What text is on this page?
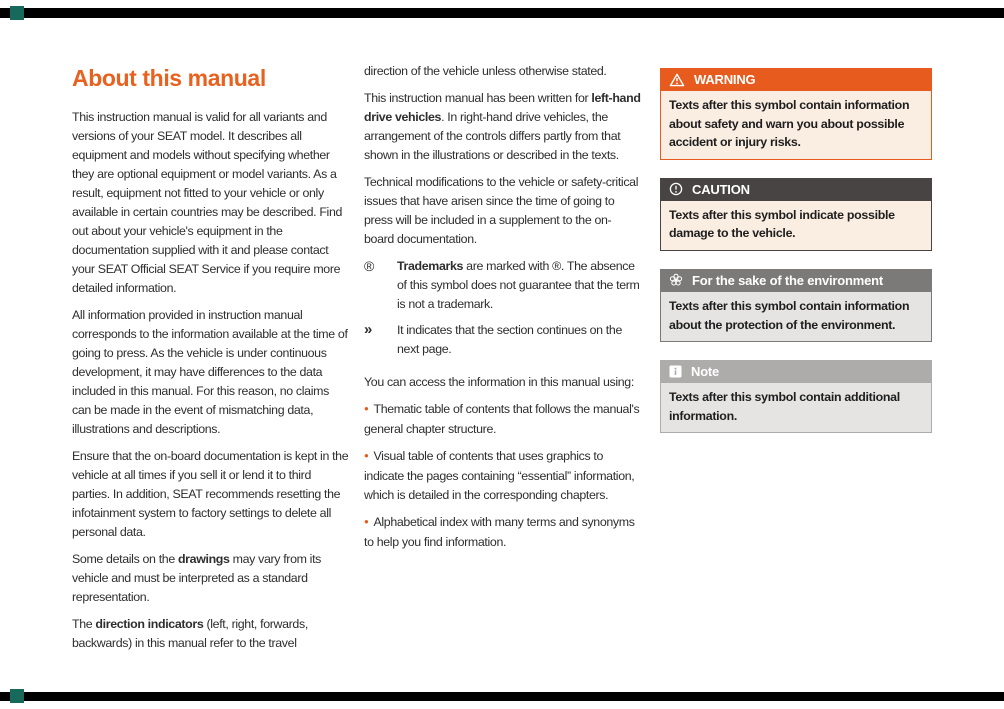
About this manual

This instruction manual is valid for all variants and versions of your SEAT model. It describes all equipment and models without specifying whether they are optional equipment or model variants. As a result, equipment not fitted to your vehicle or only available in certain countries may be described. Find out about your vehicle's equipment in the documentation supplied with it and please contact your SEAT Official SEAT Service if you require more detailed information.

All information provided in instruction manual corresponds to the information available at the time of going to press. As the vehicle is under continuous development, it may have differences to the data included in this manual. For this reason, no claims can be made in the event of mismatching data, illustrations and descriptions.

Ensure that the on-board documentation is kept in the vehicle at all times if you sell it or lend it to third parties. In addition, SEAT recommends resetting the infotainment system to factory settings to delete all personal data.

Some details on the drawings may vary from its vehicle and must be interpreted as a standard representation.

The direction indicators (left, right, forwards, backwards) in this manual refer to the travel

direction of the vehicle unless otherwise stated.

This instruction manual has been written for left-hand drive vehicles. In right-hand drive vehicles, the arrangement of the controls differs partly from that shown in the illustrations or described in the texts.

Technical modifications to the vehicle or safety-critical issues that have arisen since the time of going to press will be included in a supplement to the on-board documentation.

®	Trademarks are marked with ®. The absence of this symbol does not guarantee that the term is not a trademark.
»	It indicates that the section continues on the next page.

You can access the information in this manual using:

● Thematic table of contents that follows the manual's general chapter structure.

● Visual table of contents that uses graphics to indicate the pages containing “essential” information, which is detailed in the corresponding chapters.

● Alphabetical index with many terms and synonyms to help you find information.

WARNING
Texts after this symbol contain information about safety and warn you about possible accident or injury risks.
CAUTION
Texts after this symbol indicate possible damage to the vehicle.
For the sake of the environment
Texts after this symbol contain information about the protection of the environment.
Note
Texts after this symbol contain additional information.
